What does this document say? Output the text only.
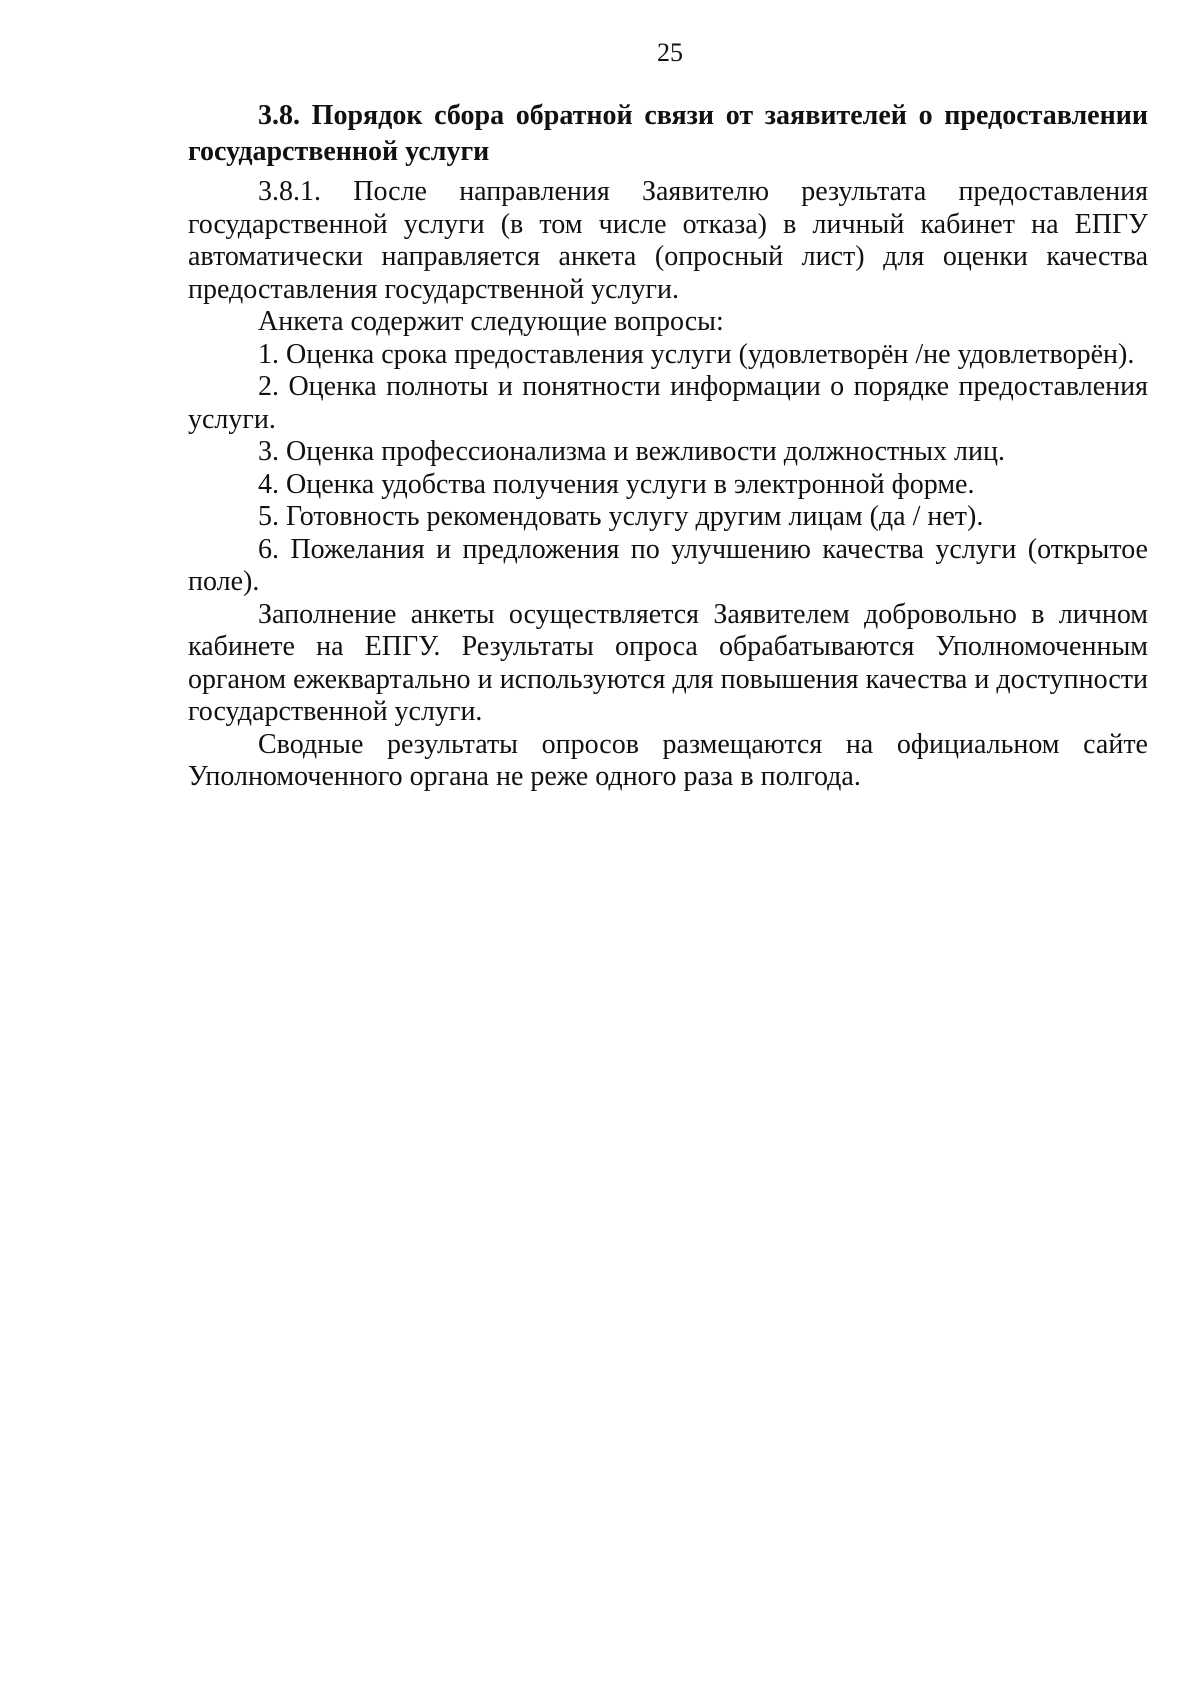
25

3.8. Порядок сбора обратной связи от заявителей о предоставлении государственной услуги

3.8.1. После направления Заявителю результата предоставления государственной услуги (в том числе отказа) в личный кабинет на ЕПГУ автоматически направляется анкета (опросный лист) для оценки качества предоставления государственной услуги.

Анкета содержит следующие вопросы:

1. Оценка срока предоставления услуги (удовлетворён /не удовлетворён).

2. Оценка полноты и понятности информации о порядке предоставления услуги.

3. Оценка профессионализма и вежливости должностных лиц.

4. Оценка удобства получения услуги в электронной форме.

5. Готовность рекомендовать услугу другим лицам (да / нет).

6. Пожелания и предложения по улучшению качества услуги (открытое поле).

Заполнение анкеты осуществляется Заявителем добровольно в личном кабинете на ЕПГУ. Результаты опроса обрабатываются Уполномоченным органом ежеквартально и используются для повышения качества и доступности государственной услуги.

Сводные результаты опросов размещаются на официальном сайте Уполномоченного органа не реже одного раза в полгода.
